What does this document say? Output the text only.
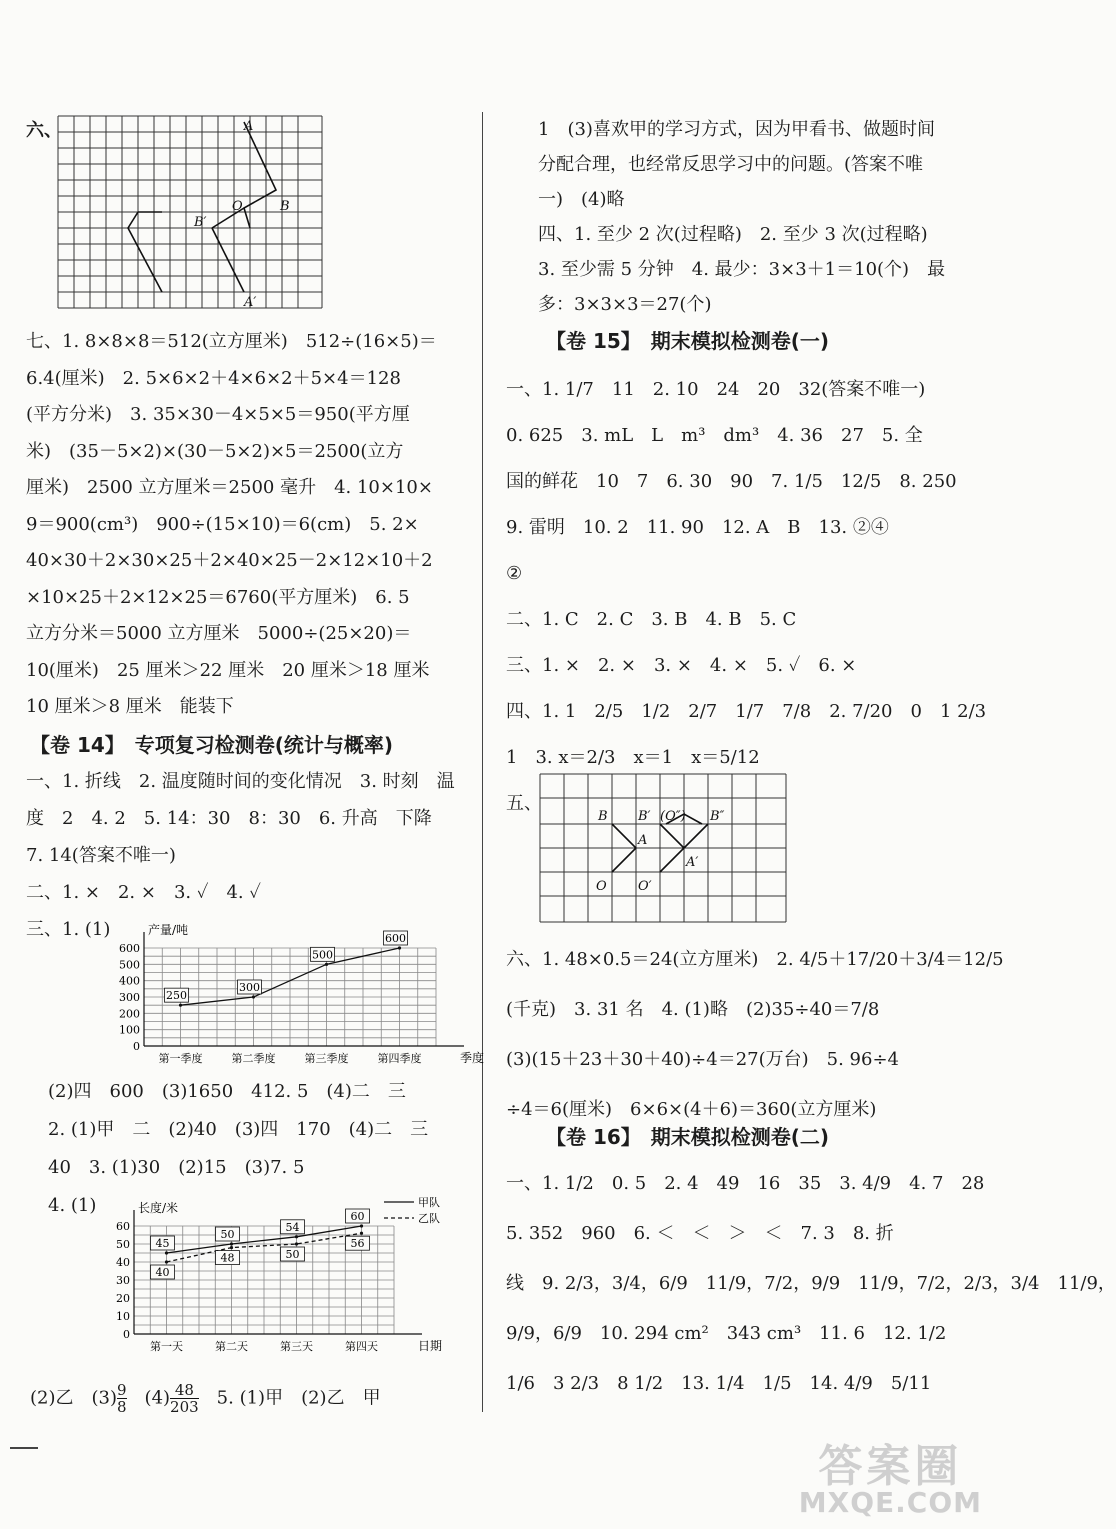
六、	A
O	B
B′
A′
七、1. 8×8×8＝512(立方厘米)　512÷(16×5)＝
6.4(厘米)　2. 5×6×2＋4×6×2＋5×4＝128
(平方分米)　3. 35×30－4×5×5＝950(平方厘
米)　(35－5×2)×(30－5×2)×5＝2500(立方
厘米)　2500 立方厘米＝2500 毫升　4. 10×10×
9＝900(cm³)　900÷(15×10)＝6(cm)　5. 2×
40×30＋2×30×25＋2×40×25－2×12×10＋2
×10×25＋2×12×25＝6760(平方厘米)　6. 5
立方分米＝5000 立方厘米　5000÷(25×20)＝
10(厘米)　25 厘米＞22 厘米　20 厘米＞18 厘米
10 厘米＞8 厘米　能装下
【卷 14】　专项复习检测卷(统计与概率)
一、1. 折线　2. 温度随时间的变化情况　3. 时刻　温
度　2　4. 2　5. 14：30　8：30　6. 升高　下降
7. 14(答案不唯一)
二、1. ×　2. ×　3. ✓　4. ✓
三、1. (1)	产量/吨
季度
0
100
200
300
400
500
600
第一季度	第二季度	第三季度	第四季度
250
300
500
600
(2)四　600　(3)1650　412. 5　(4)二　三
2. (1)甲　二　(2)40　(3)四　170　(4)二　三
40　3. (1)30　(2)15　(3)7. 5
4. (1)	长度/米
日期
0
10
20
30
40
50
60
第一天	第二天	第三天	第四天
45
50
54
60
40
48	50
56
甲队
乙队
(2)乙　$(3) \frac{9}{8}$ 　$(4) \frac{48}{203}$ 　5. (1)甲　(2)乙　甲
1　(3)喜欢甲的学习方式，因为甲看书、做题时间
分配合理，也经常反思学习中的问题。(答案不唯
一)　(4)略
四、1. 至少 2 次(过程略)　2. 至少 3 次(过程略)
3. 至少需 5 分钟　4. 最少：3×3＋1＝10(个)　最
多：3×3×3＝27(个)
【卷 15】　期末模拟检测卷(一)
一、1. 1/7　11　2. 10　24　20　32(答案不唯一)
0. 625　3. mL　L　m³　dm³　4. 36　27　5. 全
国的鲜花　10　7　6. 30　90　7. 1/5　12/5　8. 250
9. 雷明　10. 2　11. 90　12. A　B　13. ②④
②
二、1. C　2. C　3. B　4. B　5. C
三、1. ×　2. ×　3. ×　4. ×　5. ✓　6. ×
四、1. 1　2/5　1/2　2/7　1/7　7/8　2. 7/20　0　1 2/3
1　3. x＝2/3　x＝1　x＝5/12
五、
B B′ (O″) B″
A
A′
O O′
六、1. 48×0.5＝24(立方厘米)　2. 4/5＋17/20＋3/4＝12/5
(千克)　3. 31 名　4. (1)略　(2)35÷40＝7/8
(3)(15＋23＋30＋40)÷4＝27(万台)　5. 96÷4
÷4＝6(厘米)　6×6×(4＋6)＝360(立方厘米)
【卷 16】　期末模拟检测卷(二)
一、1. 1/2　0. 5　2. 4　49　16　35　3. 4/9　4. 7　28
5. 352　960　6. ＜　＜　＞　＜　7. 3　8. 折
线　9. 2/3，3/4，6/9　11/9，7/2，9/9　11/9，7/2，2/3，3/4　11/9，
9/9，6/9　10. 294 cm²　343 cm³　11. 6　12. 1/2
1/6　3 2/3　8 1/2　13. 1/4　1/5　14. 4/9　5/11
答案圈
MXQE.COM
